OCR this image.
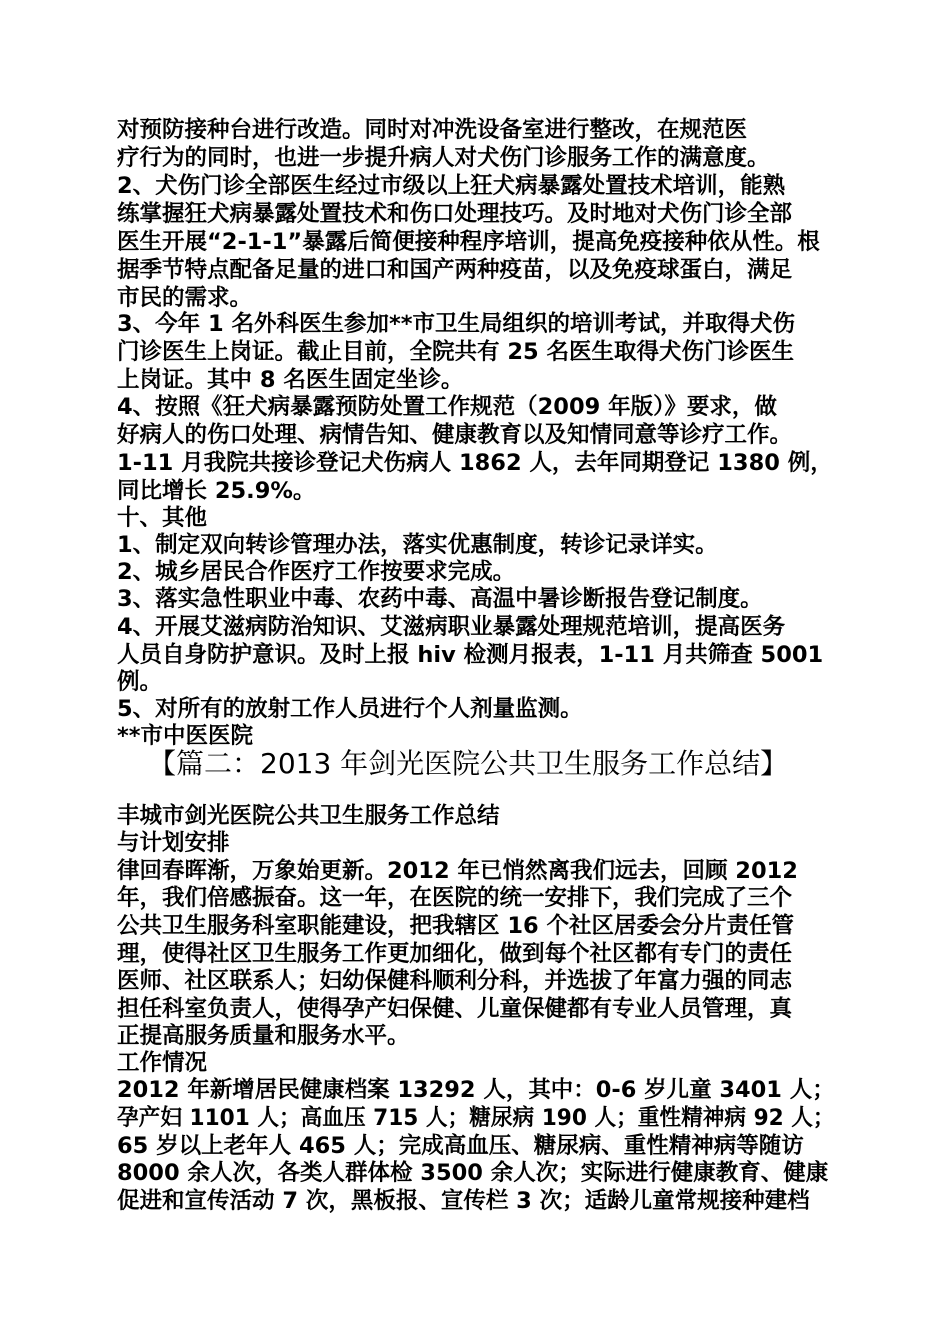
对预防接种台进行改造。同时对冲洗设备室进行整改，在规范医
疗行为的同时，也进一步提升病人对犬伤门诊服务工作的满意度。
2、犬伤门诊全部医生经过市级以上狂犬病暴露处置技术培训，能熟
练掌握狂犬病暴露处置技术和伤口处理技巧。及时地对犬伤门诊全部
医生开展“2-1-1”暴露后简便接种程序培训，提高免疫接种依从性。根
据季节特点配备足量的进口和国产两种疫苗，以及免疫球蛋白，满足
市民的需求。
3、今年 1 名外科医生参加**市卫生局组织的培训考试，并取得犬伤
门诊医生上岗证。截止目前，全院共有 25 名医生取得犬伤门诊医生
上岗证。其中 8 名医生固定坐诊。
4、按照《狂犬病暴露预防处置工作规范（2009 年版）》要求，做
好病人的伤口处理、病情告知、健康教育以及知情同意等诊疗工作。
1-11 月我院共接诊登记犬伤病人 1862 人，去年同期登记 1380 例，
同比增长 25.9%。
十、其他
1、制定双向转诊管理办法，落实优惠制度，转诊记录详实。
2、城乡居民合作医疗工作按要求完成。
3、落实急性职业中毒、农药中毒、高温中暑诊断报告登记制度。
4、开展艾滋病防治知识、艾滋病职业暴露处理规范培训，提高医务
人员自身防护意识。及时上报 hiv 检测月报表，1-11 月共筛查 5001
例。
5、对所有的放射工作人员进行个人剂量监测。
**市中医医院
【篇二：2013 年剑光医院公共卫生服务工作总结】
丰城市剑光医院公共卫生服务工作总结
与计划安排
律回春晖渐，万象始更新。2012 年已悄然离我们远去，回顾 2012
年，我们倍感振奋。这一年，在医院的统一安排下，我们完成了三个
公共卫生服务科室职能建设，把我辖区 16 个社区居委会分片责任管
理，使得社区卫生服务工作更加细化，做到每个社区都有专门的责任
医师、社区联系人；妇幼保健科顺利分科，并选拔了年富力强的同志
担任科室负责人，使得孕产妇保健、儿童保健都有专业人员管理，真
正提高服务质量和服务水平。
工作情况
2012 年新增居民健康档案 13292 人，其中：0-6 岁儿童 3401 人；
孕产妇 1101 人；高血压 715 人；糖尿病 190 人；重性精神病 92 人；
65 岁以上老年人 465 人；完成高血压、糖尿病、重性精神病等随访
8000 余人次，各类人群体检 3500 余人次；实际进行健康教育、健康
促进和宣传活动 7 次，黑板报、宣传栏 3 次；适龄儿童常规接种建档
